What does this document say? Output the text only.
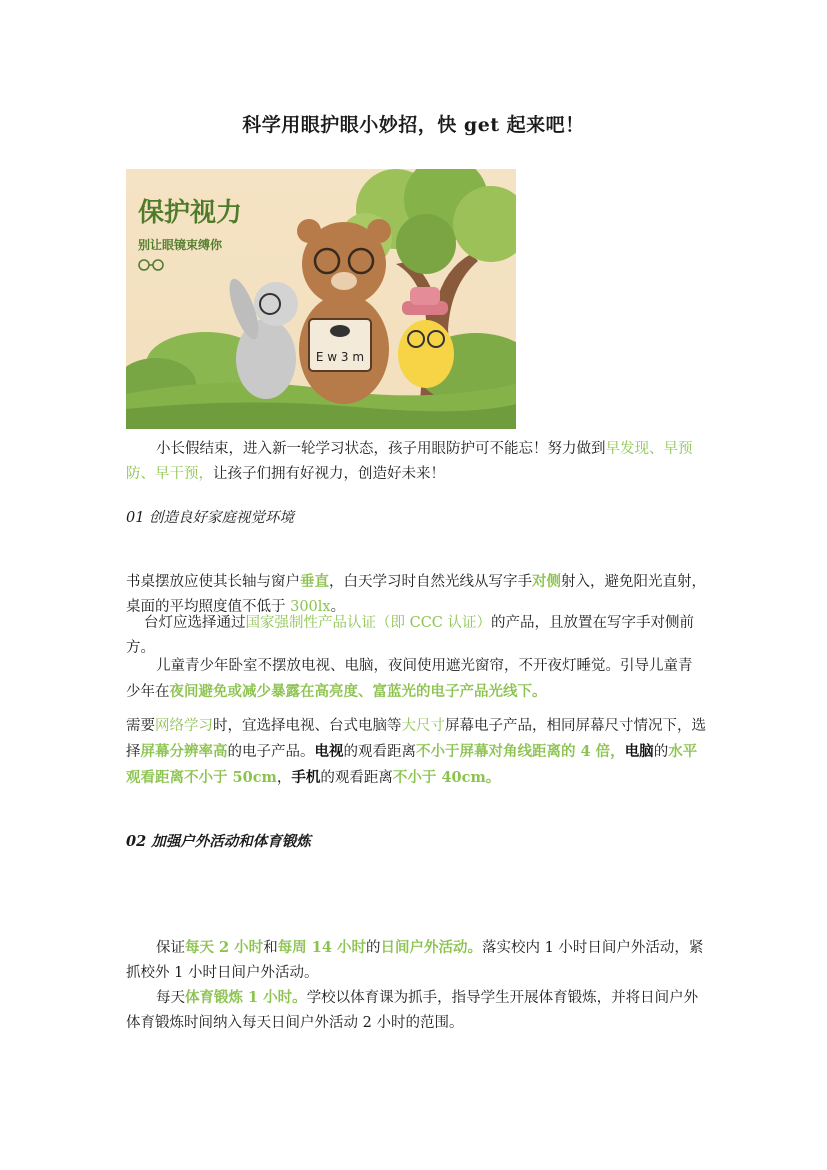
科学用眼护眼小妙招，快 get 起来吧！
E w 3 m
保护视力
别让眼镜束缚你
小长假结束，进入新一轮学习状态，孩子用眼防护可不能忘！努力做到早发现、早预防、早干预，让孩子们拥有好视力，创造好未来！
01 创造良好家庭视觉环境
书桌摆放应使其长轴与窗户垂直，白天学习时自然光线从写字手对侧射入，避免阳光直射，桌面的平均照度值不低于 300lx。
台灯应选择通过国家强制性产品认证（即 CCC 认证）的产品，且放置在写字手对侧前方。
儿童青少年卧室不摆放电视、电脑，夜间使用遮光窗帘，不开夜灯睡觉。引导儿童青少年在夜间避免或减少暴露在高亮度、富蓝光的电子产品光线下。
需要网络学习时，宜选择电视、台式电脑等大尺寸屏幕电子产品，相同屏幕尺寸情况下，选择屏幕分辨率高的电子产品。电视的观看距离不小于屏幕对角线距离的 4 倍，电脑的水平观看距离不小于 50cm，手机的观看距离不小于 40cm。
02 加强户外活动和体育锻炼
保证每天 2 小时和每周 14 小时的日间户外活动。落实校内 1 小时日间户外活动，紧抓校外 1 小时日间户外活动。
每天体育锻炼 1 小时。学校以体育课为抓手，指导学生开展体育锻炼，并将日间户外体育锻炼时间纳入每天日间户外活动 2 小时的范围。
